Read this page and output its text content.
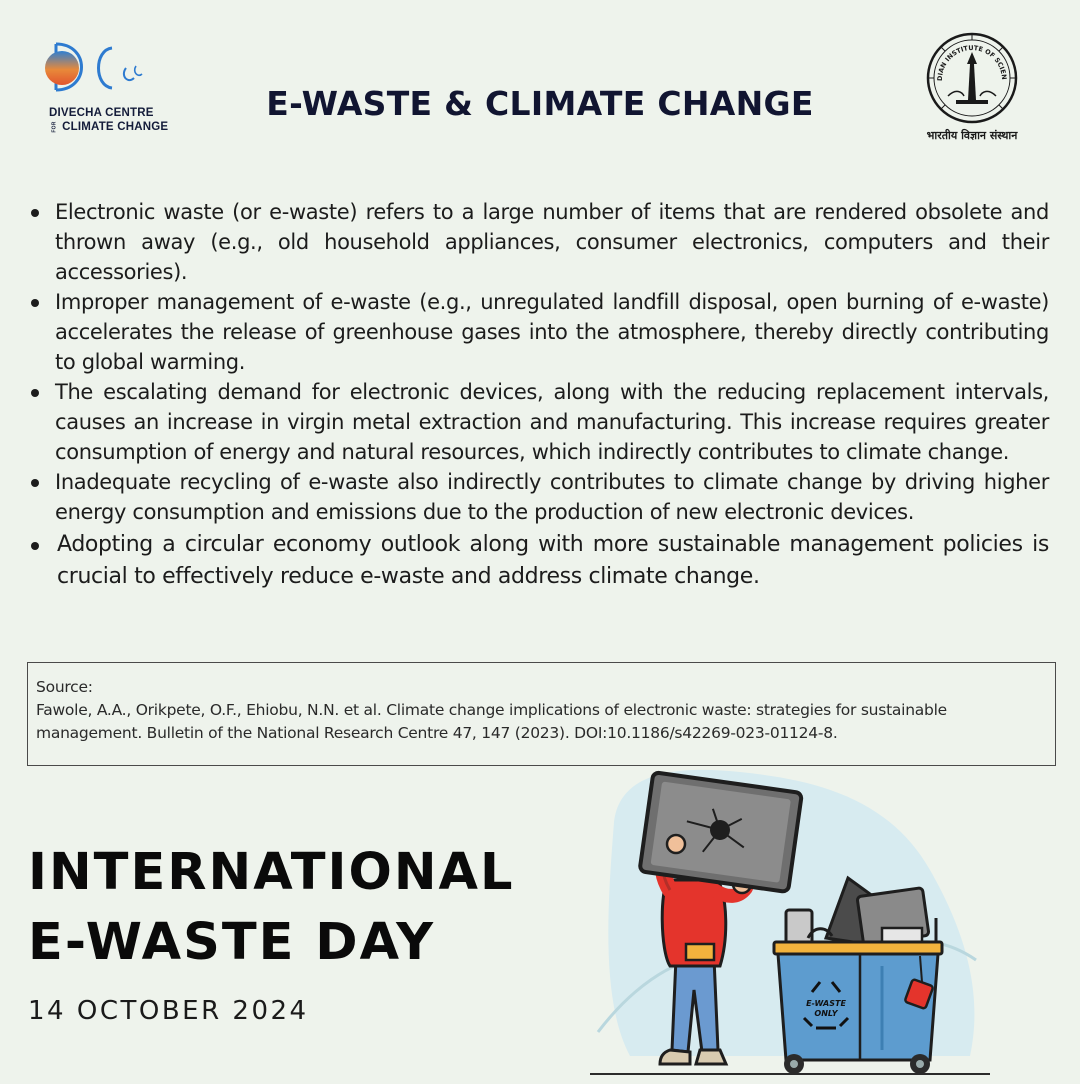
DIVECHA CENTRE
FOR CLIMATE CHANGE
E-WASTE & CLIMATE CHANGE
DIAN INSTITUTE OF SCIEN
भारतीय विज्ञान संस्थान
Electronic waste (or e-waste) refers to a large number of items that are rendered obsolete and thrown away (e.g., old household appliances, consumer electronics, computers and their accessories).
Improper management of e-waste (e.g., unregulated landfill disposal, open burning of e-waste) accelerates the release of greenhouse gases into the atmosphere, thereby directly contributing to global warming.
The escalating demand for electronic devices, along with the reducing replacement intervals, causes an increase in virgin metal extraction and manufacturing. This increase requires greater consumption of energy and natural resources, which indirectly contributes to climate change.
Inadequate recycling of e-waste also indirectly contributes to climate change by driving higher energy consumption and emissions due to the production of new electronic devices.
Adopting a circular economy outlook along with more sustainable management policies is crucial to effectively reduce e-waste and address climate change.
Source:
Fawole, A.A., Orikpete, O.F., Ehiobu, N.N. et al. Climate change implications of electronic waste: strategies for sustainable management. Bulletin of the National Research Centre 47, 147 (2023). DOI:10.1186/s42269-023-01124-8.
INTERNATIONAL
E-WASTE DAY
14 OCTOBER 2024	E-WASTE
ONLY
